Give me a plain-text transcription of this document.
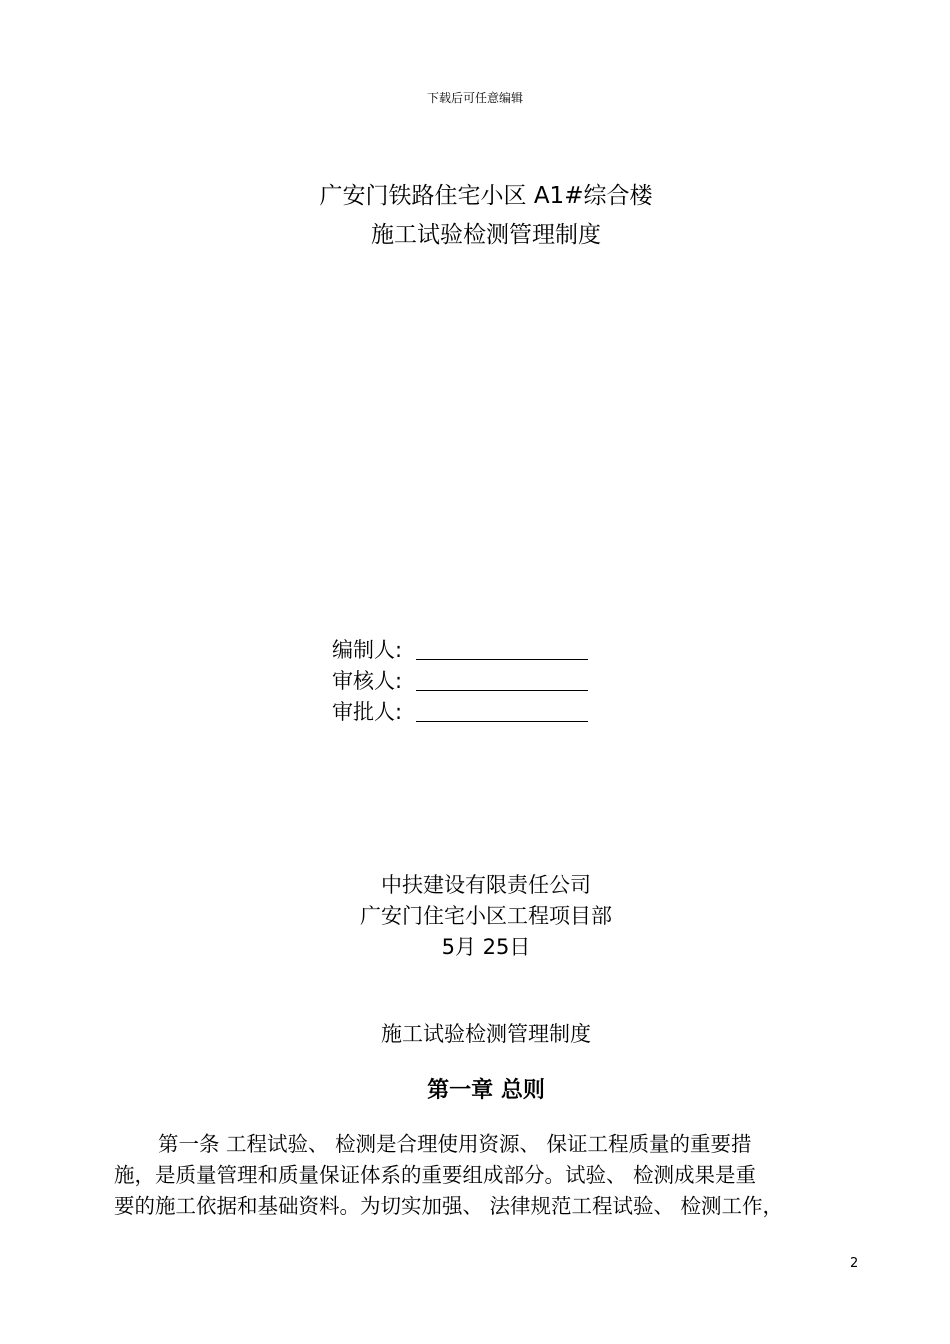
下载后可任意编辑
广安门铁路住宅小区 A1#综合楼
施工试验检测管理制度
编制人:
审核人:
审批人:
中扶建设有限责任公司
广安门住宅小区工程项目部
5月 25日
施工试验检测管理制度
第一章 总则
第一条 工程试验、 检测是合理使用资源、 保证工程质量的重要措
施，是质量管理和质量保证体系的重要组成部分。试验、 检测成果是重
要的施工依据和基础资料。为切实加强、 法律规范工程试验、 检测工作，
2
